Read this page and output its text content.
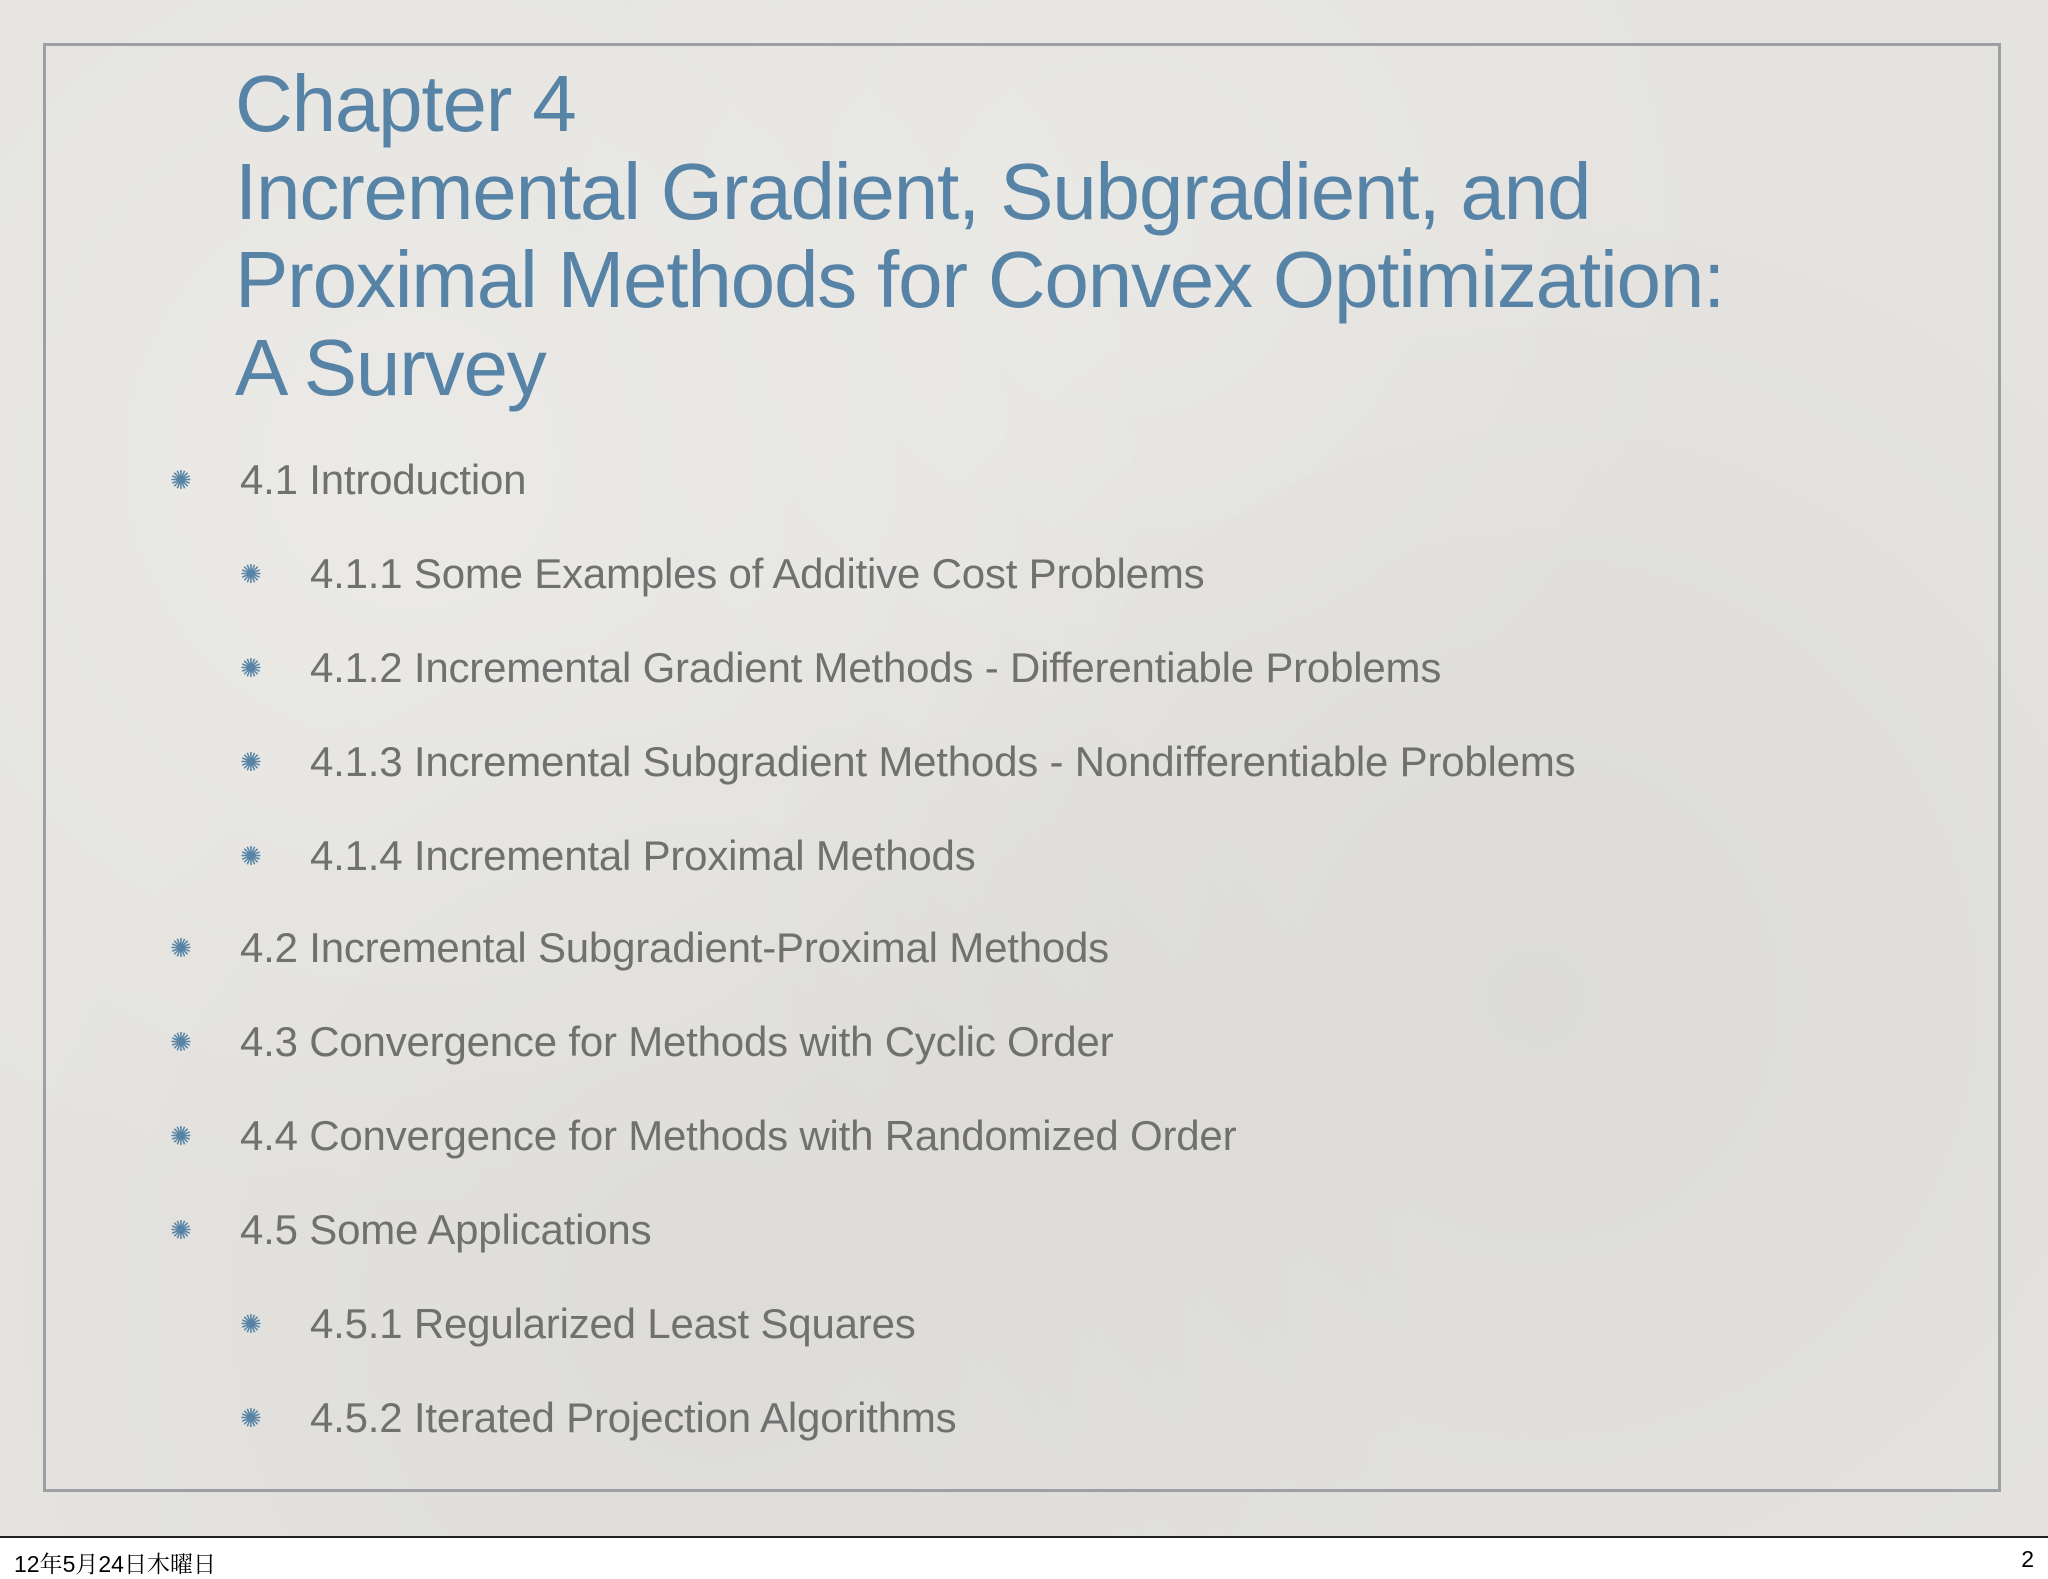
Chapter 4
Incremental Gradient, Subgradient, and
Proximal Methods for Convex Optimization:
A Survey
✺	4.1 Introduction
✺	4.1.1 Some Examples of Additive Cost Problems
✺	4.1.2 Incremental Gradient Methods - Differentiable Problems
✺	4.1.3 Incremental Subgradient Methods - Nondifferentiable Problems
✺	4.1.4 Incremental Proximal Methods
✺	4.2 Incremental Subgradient-Proximal Methods
✺	4.3 Convergence for Methods with Cyclic Order
✺	4.4 Convergence for Methods with Randomized Order
✺	4.5 Some Applications
✺	4.5.1 Regularized Least Squares
✺	4.5.2 Iterated Projection Algorithms
12年5月24日木曜日	2
